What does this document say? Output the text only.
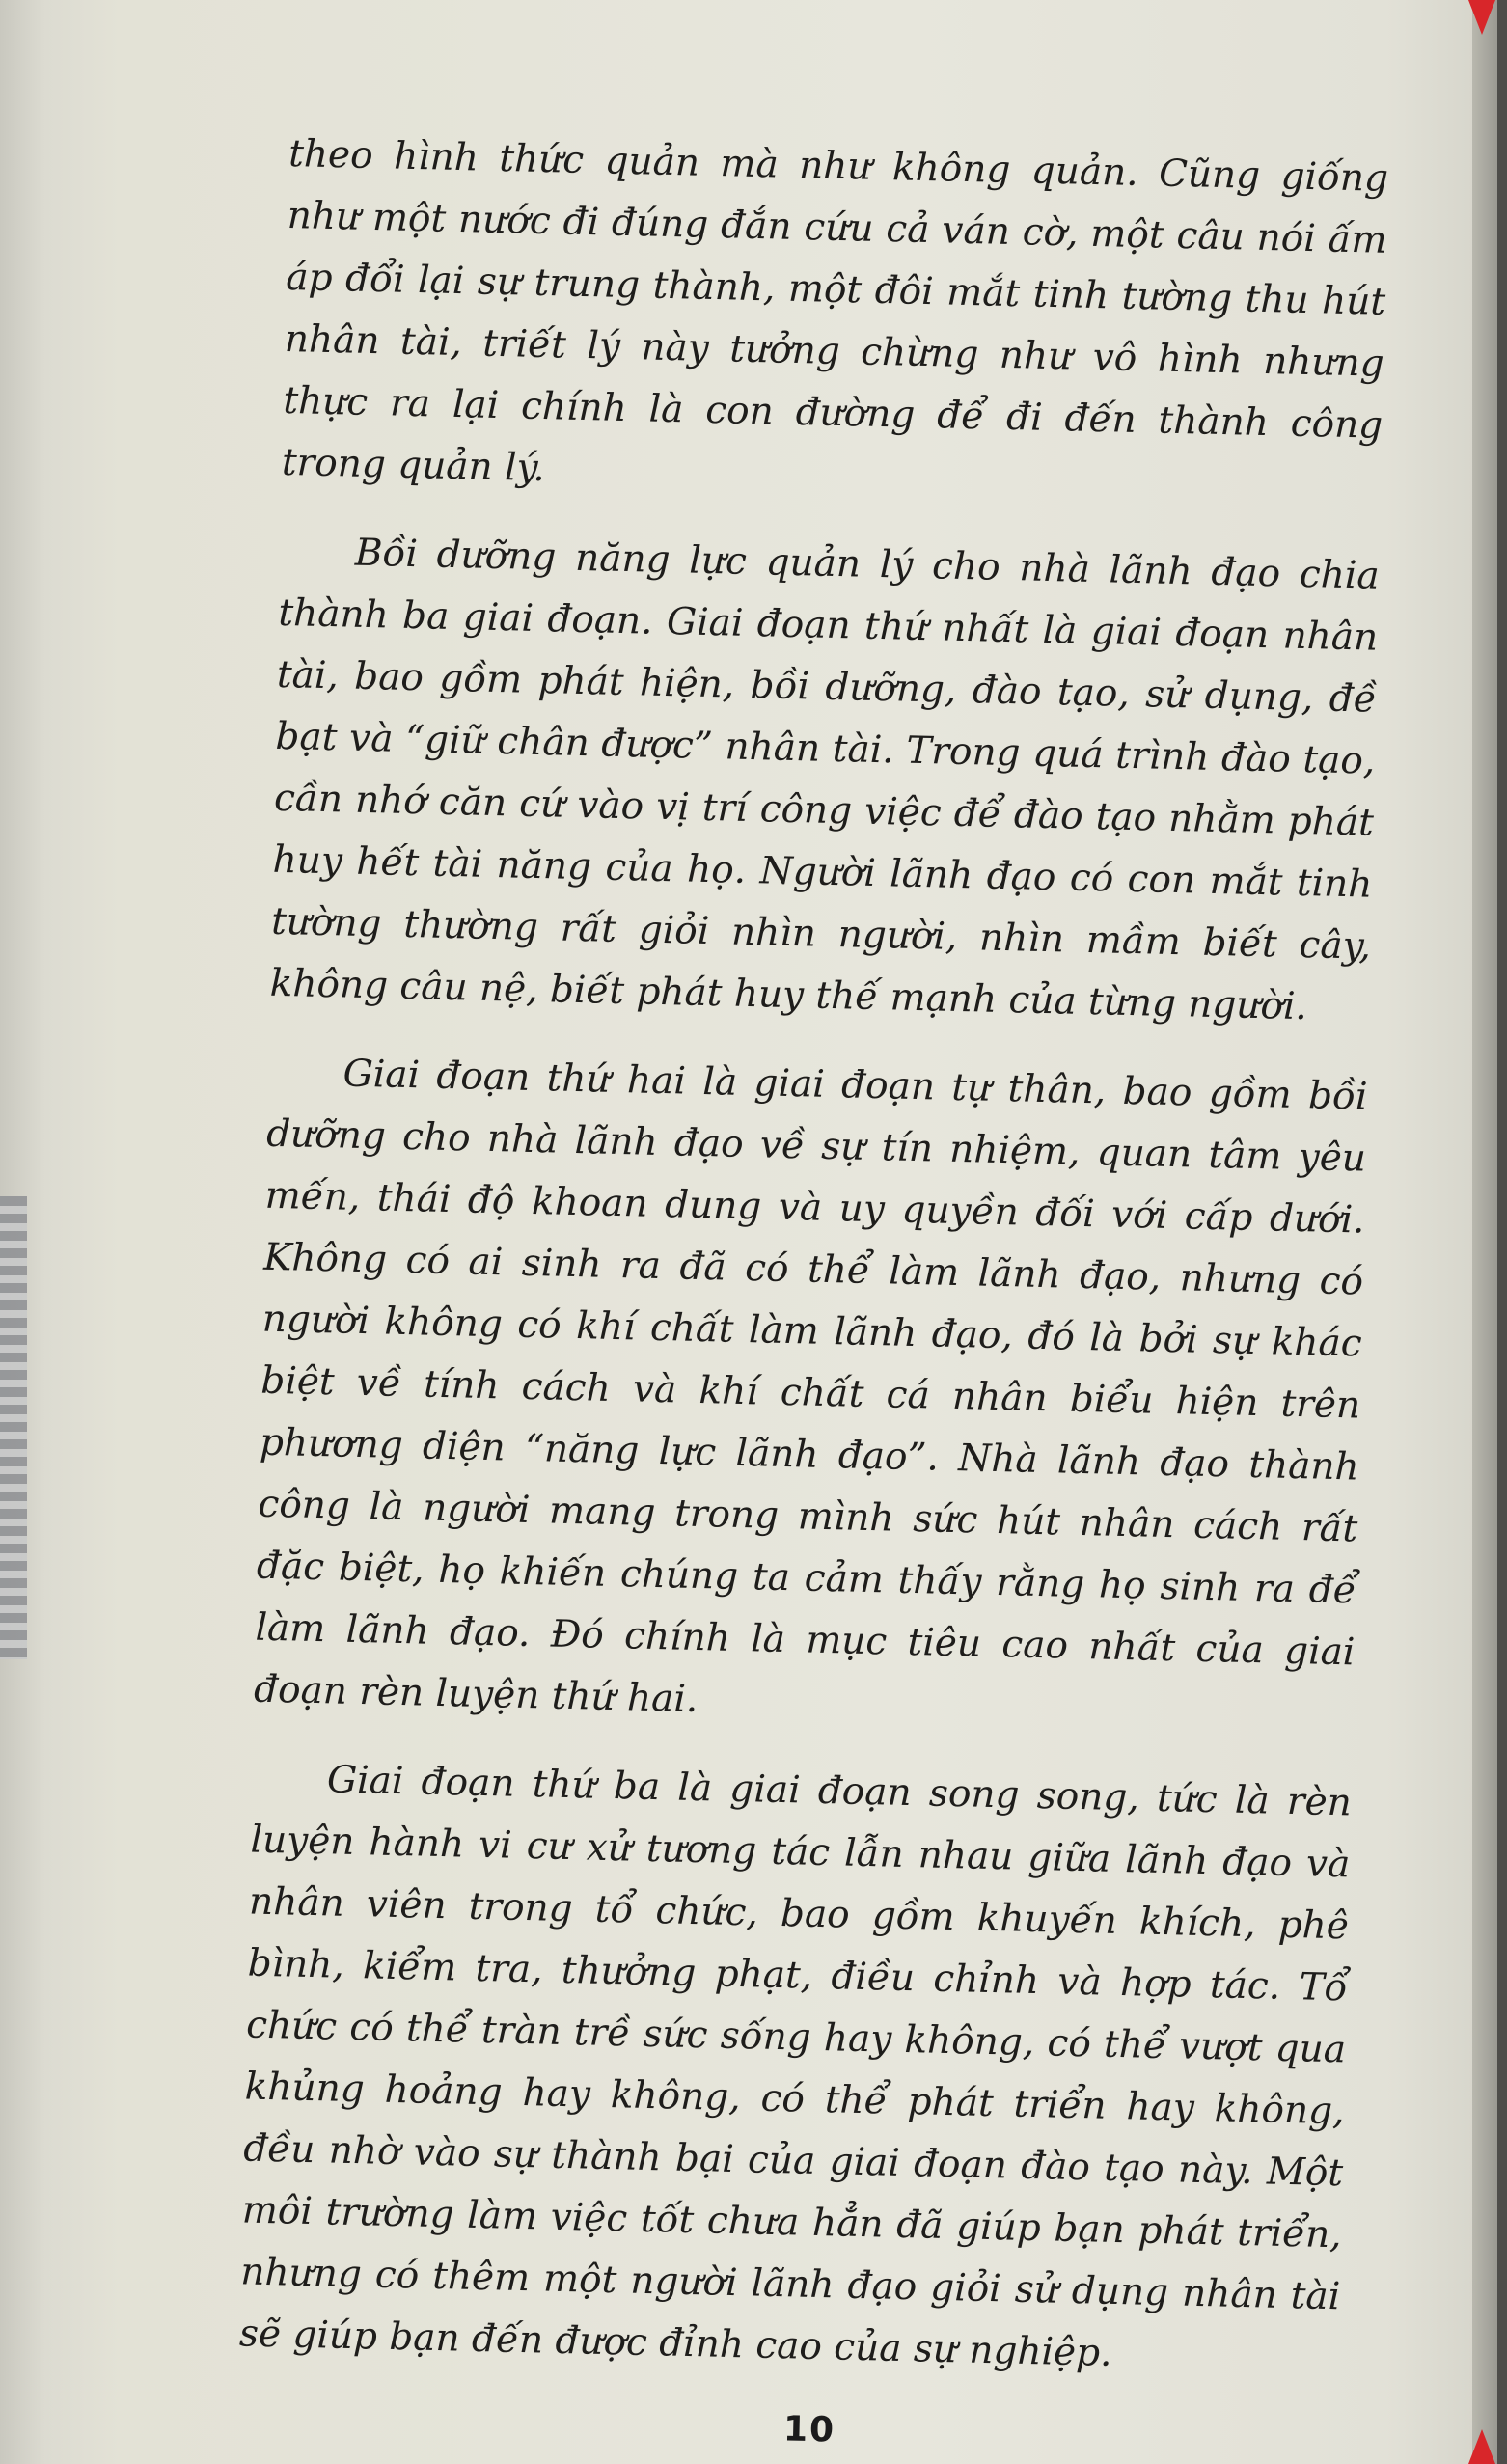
theo hình thức quản mà như không quản. Cũng giống như một nước đi đúng đắn cứu cả ván cờ, một câu nói ấm áp đổi lại sự trung thành, một đôi mắt tinh tường thu hút nhân tài, triết lý này tưởng chừng như vô hình nhưng thực ra lại chính là con đường để đi đến thành công trong quản lý.

Bồi dưỡng năng lực quản lý cho nhà lãnh đạo chia thành ba giai đoạn. Giai đoạn thứ nhất là giai đoạn nhân tài, bao gồm phát hiện, bồi dưỡng, đào tạo, sử dụng, đề bạt và “giữ chân được” nhân tài. Trong quá trình đào tạo, cần nhớ căn cứ vào vị trí công việc để đào tạo nhằm phát huy hết tài năng của họ. Người lãnh đạo có con mắt tinh tường thường rất giỏi nhìn người, nhìn mầm biết cây, không câu nệ, biết phát huy thế mạnh của từng người.

Giai đoạn thứ hai là giai đoạn tự thân, bao gồm bồi dưỡng cho nhà lãnh đạo về sự tín nhiệm, quan tâm yêu mến, thái độ khoan dung và uy quyền đối với cấp dưới. Không có ai sinh ra đã có thể làm lãnh đạo, nhưng có người không có khí chất làm lãnh đạo, đó là bởi sự khác biệt về tính cách và khí chất cá nhân biểu hiện trên phương diện “năng lực lãnh đạo”. Nhà lãnh đạo thành công là người mang trong mình sức hút nhân cách rất đặc biệt, họ khiến chúng ta cảm thấy rằng họ sinh ra để làm lãnh đạo. Đó chính là mục tiêu cao nhất của giai đoạn rèn luyện thứ hai.

Giai đoạn thứ ba là giai đoạn song song, tức là rèn luyện hành vi cư xử tương tác lẫn nhau giữa lãnh đạo và nhân viên trong tổ chức, bao gồm khuyến khích, phê bình, kiểm tra, thưởng phạt, điều chỉnh và hợp tác. Tổ chức có thể tràn trề sức sống hay không, có thể vượt qua khủng hoảng hay không, có thể phát triển hay không, đều nhờ vào sự thành bại của giai đoạn đào tạo này. Một môi trường làm việc tốt chưa hẳn đã giúp bạn phát triển, nhưng có thêm một người lãnh đạo giỏi sử dụng nhân tài sẽ giúp bạn đến được đỉnh cao của sự nghiệp.

10
